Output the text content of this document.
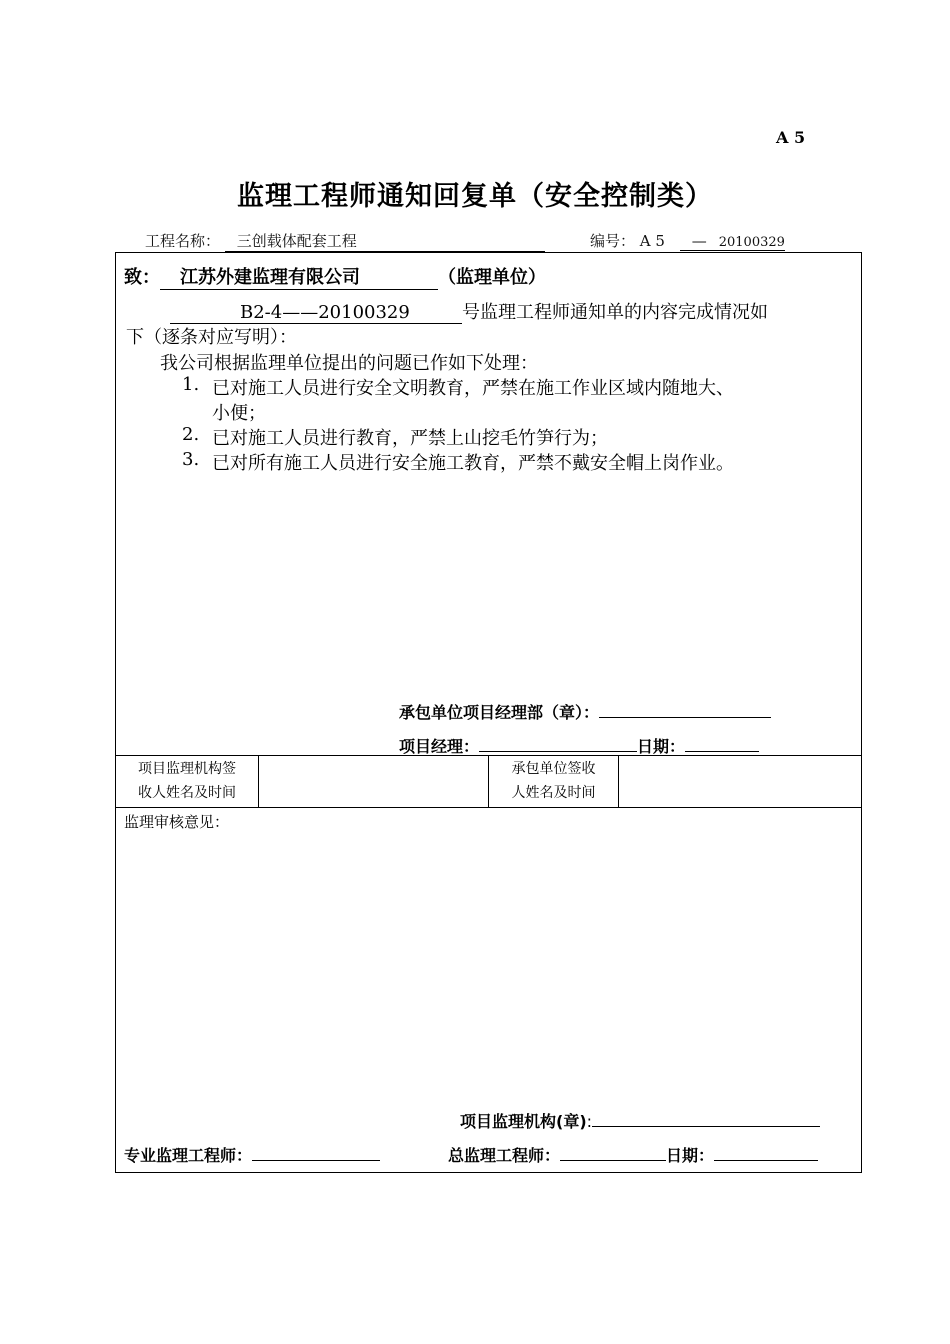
A 5
监理工程师通知回复单（安全控制类）
工程名称： 三创载体配套工程	编号： A 5 — 20100329
致： 江苏外建监理有限公司	（监理单位）
B2-4——20100329	号监理工程师通知单的内容完成情况如
下（逐条对应写明）：
我公司根据监理单位提出的问题已作如下处理：
1. 已对施工人员进行安全文明教育，严禁在施工作业区域内随地大、
小便；
2. 已对施工人员进行教育，严禁上山挖毛竹笋行为；
3. 已对所有施工人员进行安全施工教育，严禁不戴安全帽上岗作业。
承包单位项目经理部（章）：
项目经理：	日期：
项目监理机构签
收人姓名及时间
承包单位签收
人姓名及时间
监理审核意见：
项目监理机构(章):
专业监理工程师：	总监理工程师：	日期：
